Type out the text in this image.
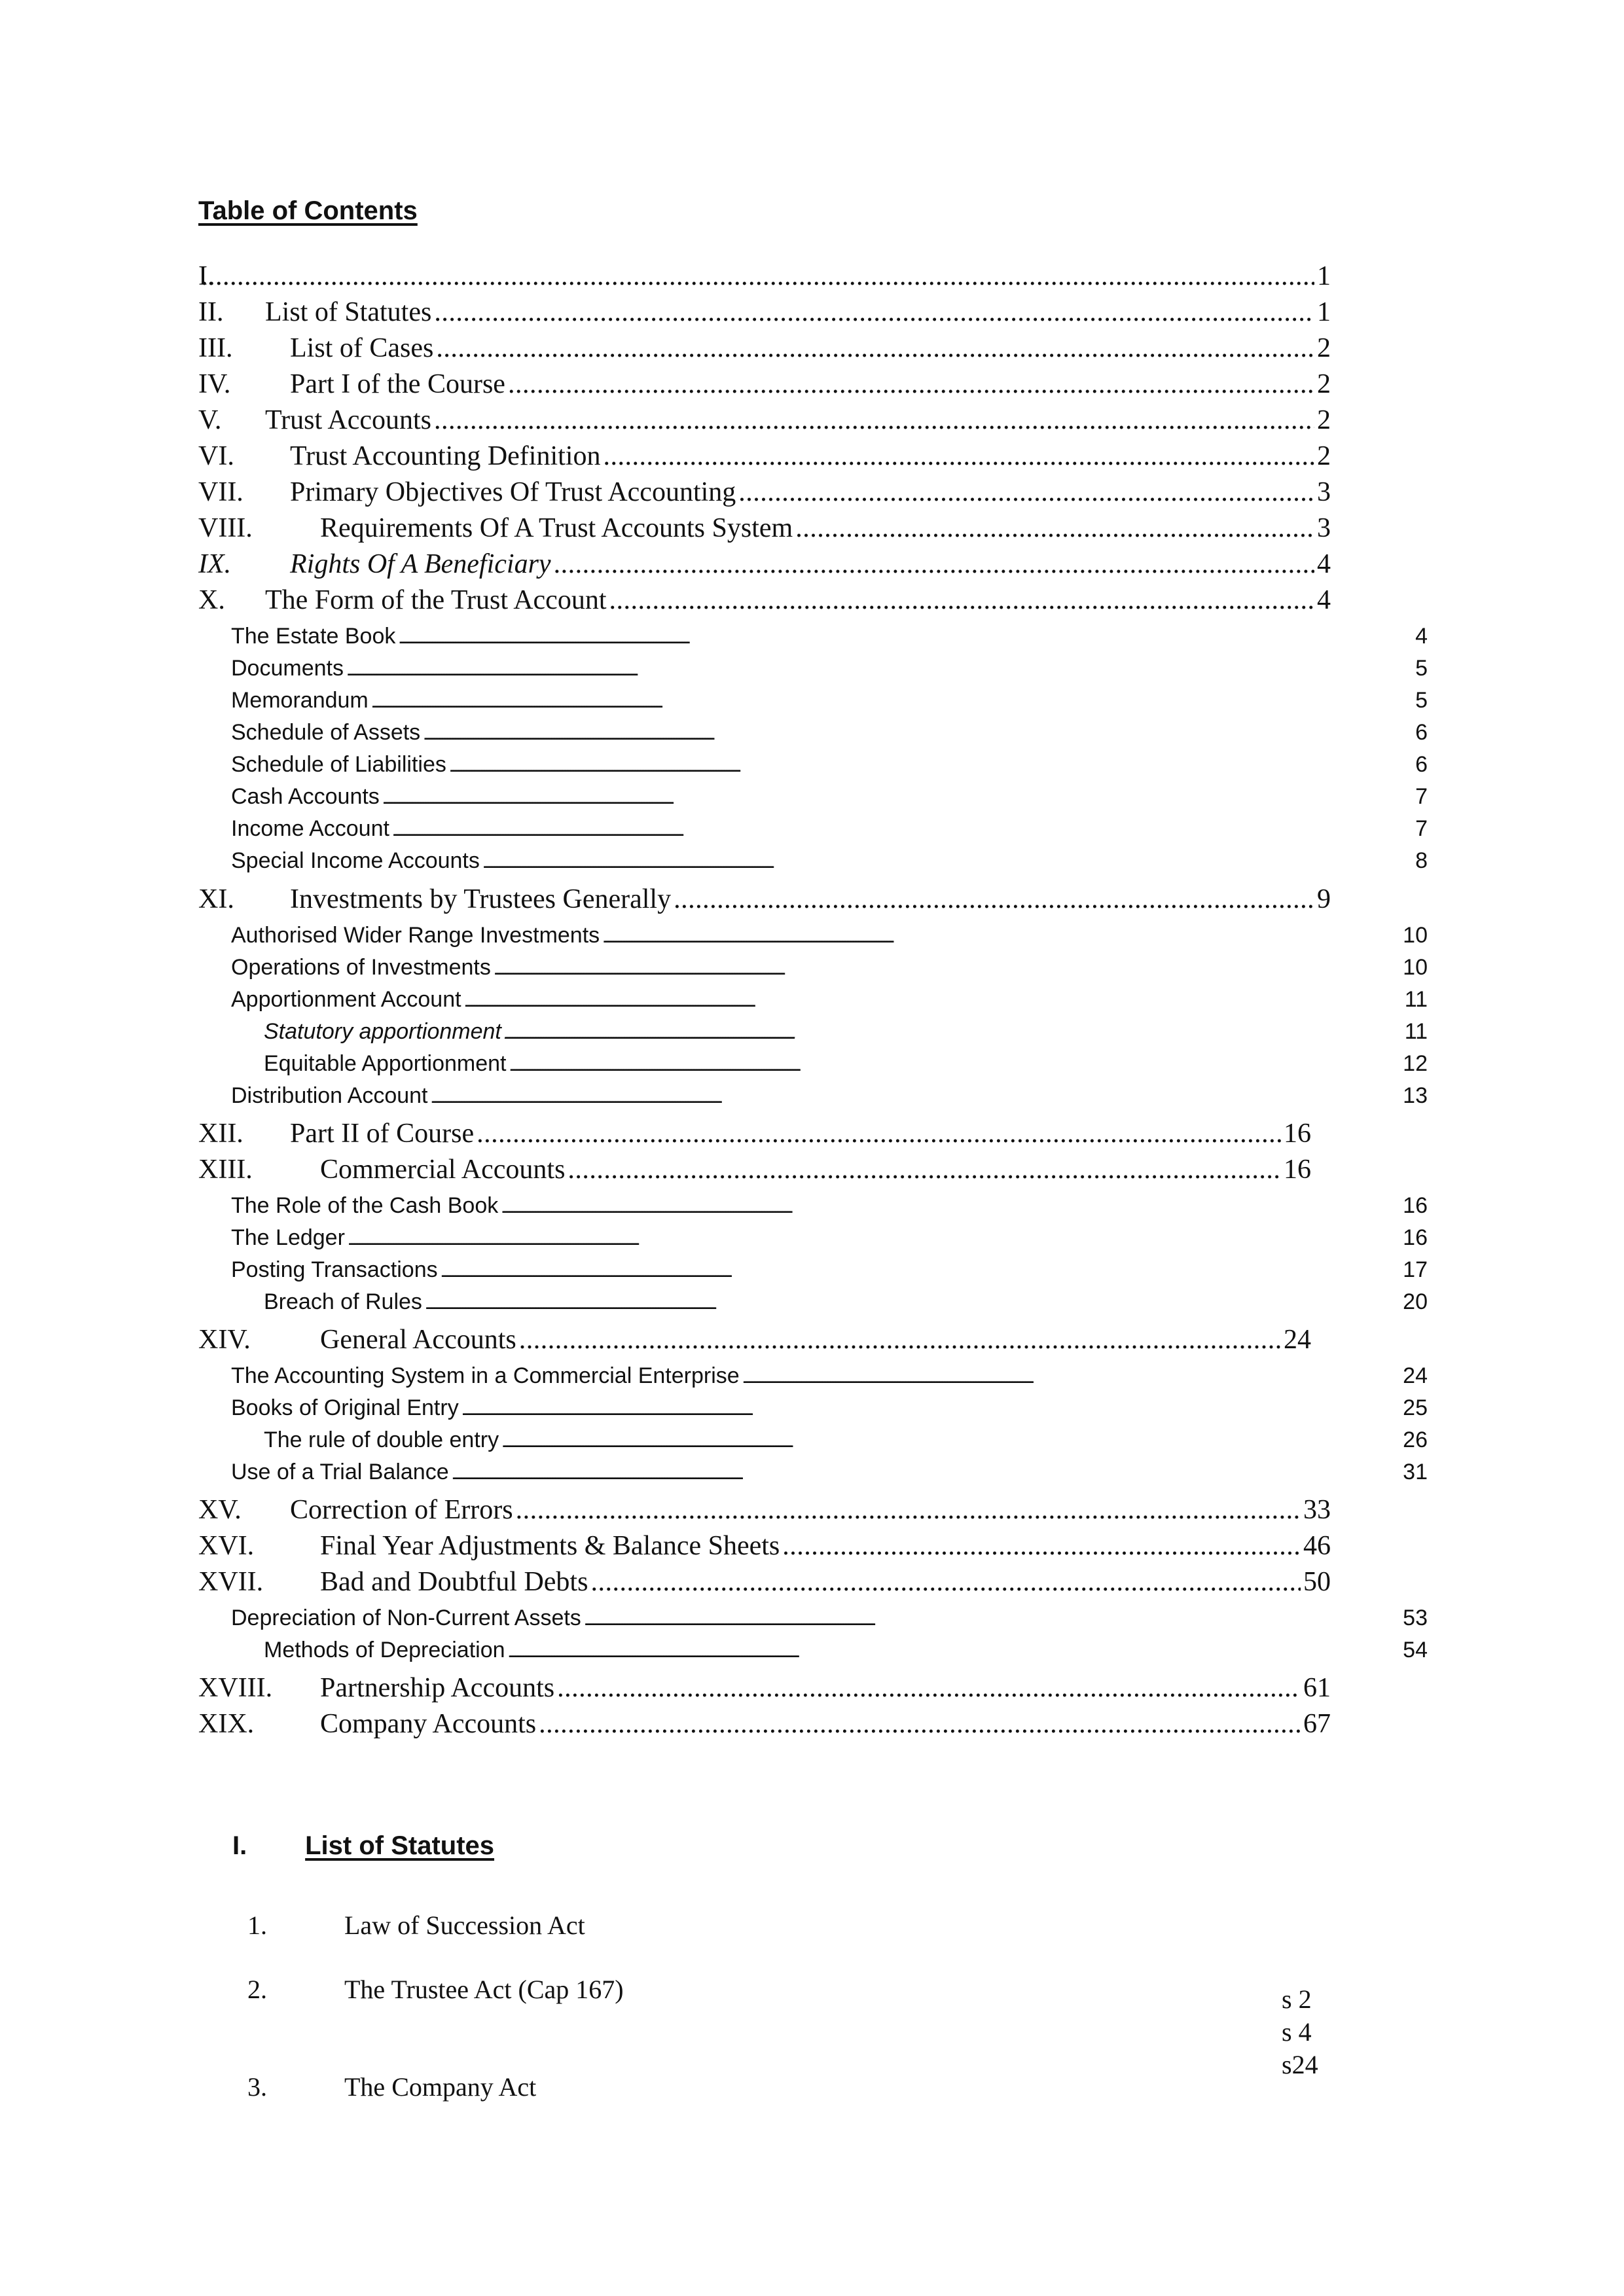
Table of Contents
I. . . .	1
II.	List of Statutes . . .	1
III.	List of Cases . . .	2
IV.	Part I of the Course . . .	2
V.	Trust Accounts . . .	2
VI.	Trust Accounting Definition . . .	2
VII.	Primary Objectives Of Trust Accounting . . .	3
VIII.	Requirements Of A Trust Accounts System . . .	3
IX.	Rights Of A Beneficiary . . .	4
X.	The Form of the Trust Account . . .	4
The Estate Book . . .	4
Documents . . .	5
Memorandum . . .	5
Schedule of Assets . . .	6
Schedule of Liabilities . . .	6
Cash Accounts . . .	7
Income Account . . .	7
Special Income Accounts . . .	8
XI.	Investments by Trustees Generally . . .	9
Authorised Wider Range Investments . . .	10
Operations of Investments . . .	10
Apportionment Account . . .	11
Statutory apportionment . . .	11
Equitable Apportionment . . .	12
Distribution Account . . .	13
XII.	Part II of Course . . .	16
XIII.	Commercial Accounts . . .	16
The Role of the Cash Book . . .	16
The Ledger . . .	16
Posting Transactions . . .	17
Breach of Rules . . .	20
XIV.	General Accounts . . .	24
The Accounting System in a Commercial Enterprise . . .	24
Books of Original Entry . . .	25
The rule of double entry . . .	26
Use of a Trial Balance . . .	31
XV.	Correction of Errors . . .	33
XVI.	Final Year Adjustments & Balance Sheets . . .	46
XVII.	Bad and Doubtful Debts . . .	50
Depreciation of Non-Current Assets . . .	53
Methods of Depreciation . . .	54
XVIII.	Partnership Accounts . . .	61
XIX.	Company Accounts . . .	67
I. List of Statutes
1.	Law of Succession Act
2.	The Trustee Act (Cap 167)	s 2
s 4
s24
3.	The Company Act
